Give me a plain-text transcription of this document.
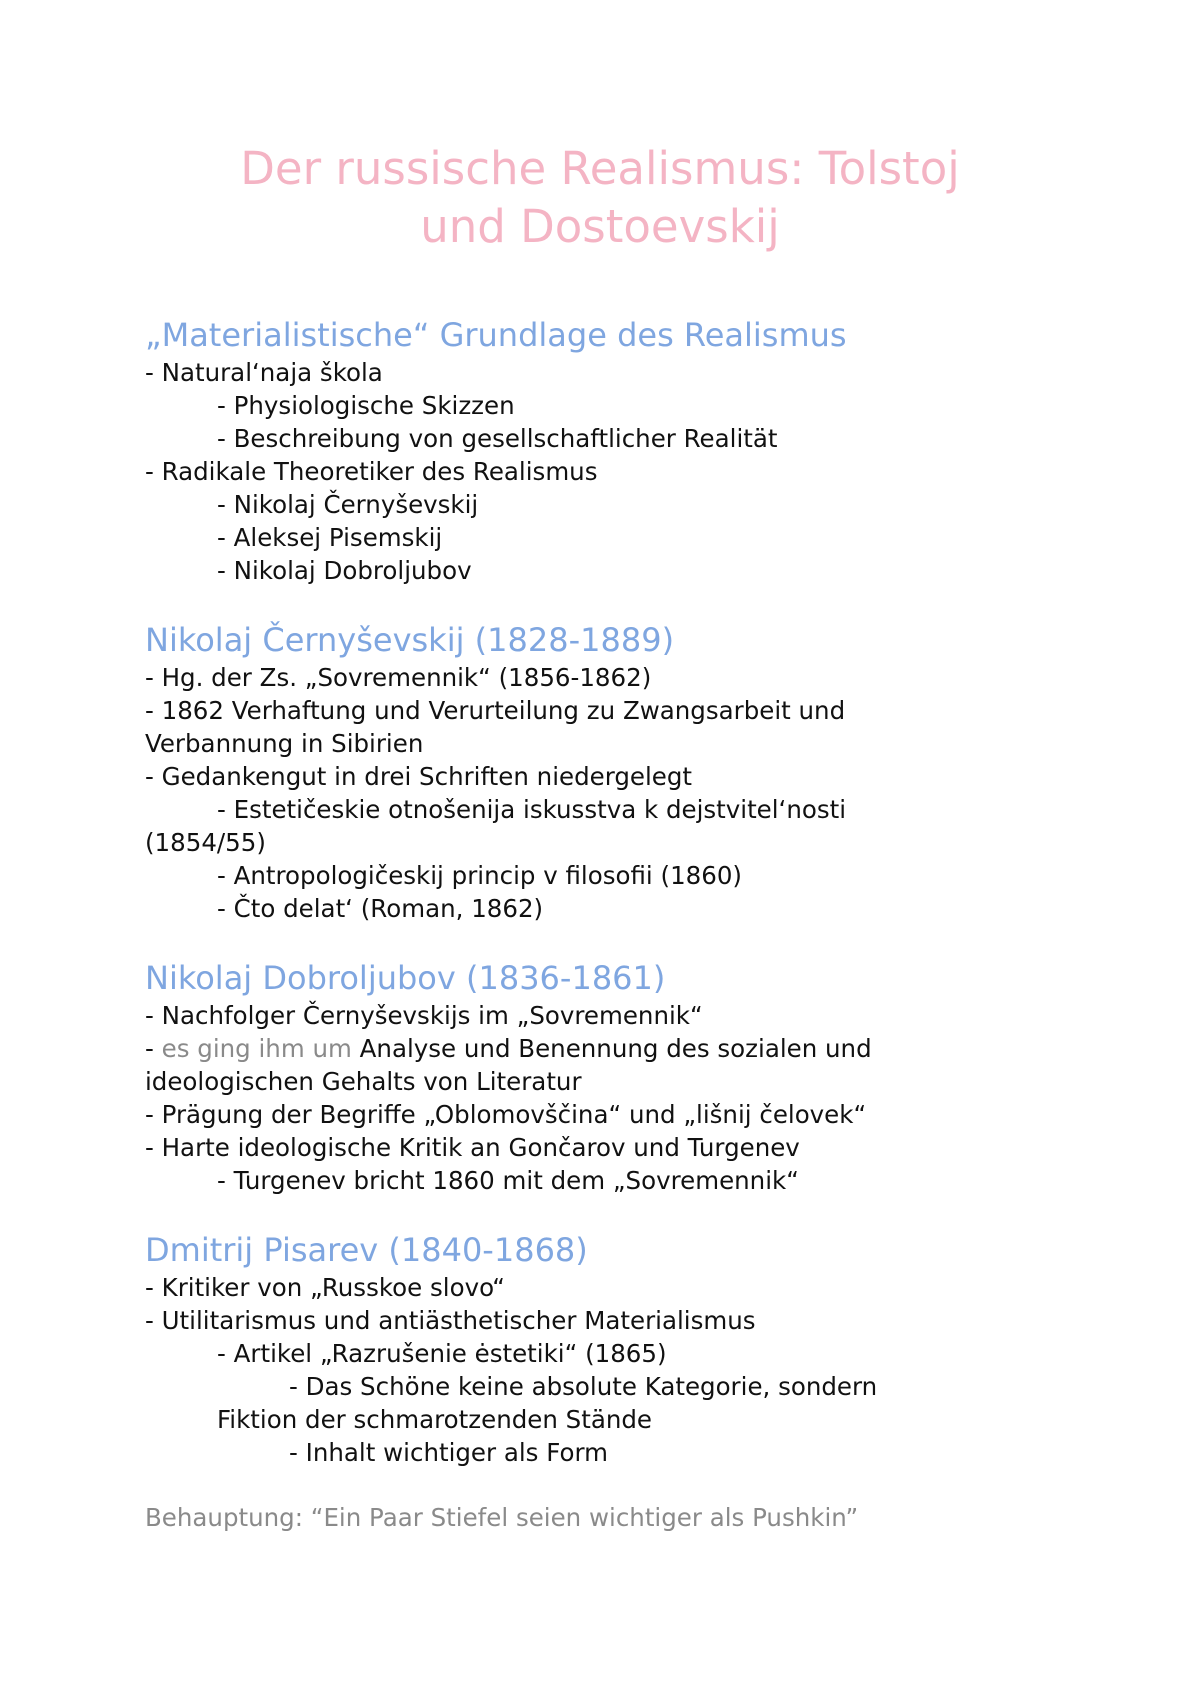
Der russische Realismus: Tolstoj
und Dostoevskij
„Materialistische“ Grundlage des Realismus

- Natural‘naja škola

- Physiologische Skizzen

- Beschreibung von gesellschaftlicher Realität

- Radikale Theoretiker des Realismus

- Nikolaj Černyševskij

- Aleksej Pisemskij

- Nikolaj Dobroljubov

Nikolaj Černyševskij (1828-1889)

- Hg. der Zs. „Sovremennik“ (1856-1862)

- 1862 Verhaftung und Verurteilung zu Zwangsarbeit und

Verbannung in Sibirien

- Gedankengut in drei Schriften niedergelegt

- Estetičeskie otnošenija iskusstva k dejstvitel‘nosti

(1854/55)

- Antropologičeskij princip v filosofii (1860)

- Čto delat‘ (Roman, 1862)

Nikolaj Dobroljubov (1836-1861)

- Nachfolger Černyševskijs im „Sovremennik“

- es ging ihm um Analyse und Benennung des sozialen und

ideologischen Gehalts von Literatur

- Prägung der Begriffe „Oblomovščina“ und „lišnij čelovek“

- Harte ideologische Kritik an Gončarov und Turgenev

- Turgenev bricht 1860 mit dem „Sovremennik“

Dmitrij Pisarev (1840-1868)

- Kritiker von „Russkoe slovo“

- Utilitarismus und antiästhetischer Materialismus

- Artikel „Razrušenie ėstetiki“ (1865)

- Das Schöne keine absolute Kategorie, sondern

Fiktion der schmarotzenden Stände

- Inhalt wichtiger als Form

Behauptung: “Ein Paar Stiefel seien wichtiger als Pushkin”
